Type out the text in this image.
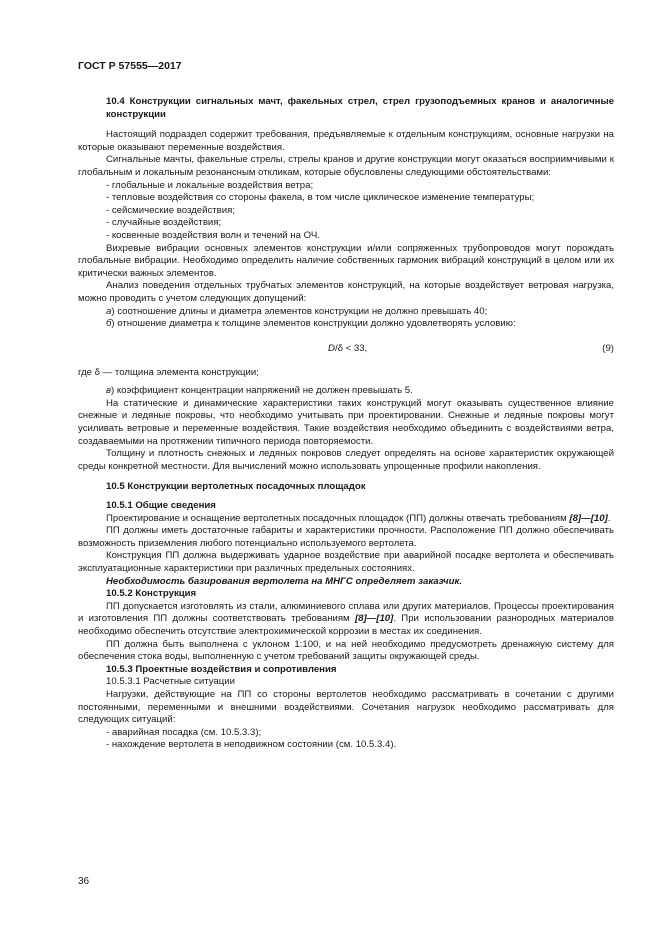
ГОСТ Р 57555—2017

10.4 Конструкции сигнальных мачт, факельных стрел, стрел грузоподъемных кранов и аналогичные конструкции

Настоящий подраздел содержит требования, предъявляемые к отдельным конструкциям, основные нагрузки на которые оказывают переменные воздействия.

Сигнальные мачты, факельные стрелы, стрелы кранов и другие конструкции могут оказаться восприимчивыми к глобальным и локальным резонансным откликам, которые обусловлены следующими обстоятельствами:

- глобальные и локальные воздействия ветра;

- тепловые воздействия со стороны факела, в том числе циклическое изменение температуры;

- сейсмические воздействия;

- случайные воздействия;

- косвенные воздействия волн и течений на ОЧ.

Вихревые вибрации основных элементов конструкции и/или сопряженных трубопроводов могут порождать глобальные вибрации. Необходимо определить наличие собственных гармоник вибраций конструкций в целом или их критически важных элементов.

Анализ поведения отдельных трубчатых элементов конструкций, на которые воздействует ветровая нагрузка, можно проводить с учетом следующих допущений:

а) соотношение длины и диаметра элементов конструкции не должно превышать 40;

б) отношение диаметра к толщине элементов конструкции должно удовлетворять условию:

D/δ < 33,	(9)

где δ — толщина элемента конструкции;

в) коэффициент концентрации напряжений не должен превышать 5.

На статические и динамические характеристики таких конструкций могут оказывать существенное влияние снежные и ледяные покровы, что необходимо учитывать при проектировании. Снежные и ледяные покровы могут усиливать ветровые и переменные воздействия. Такие воздействия необходимо объединить с воздействиями ветра, создаваемыми на протяжении типичного периода повторяемости.

Толщину и плотность снежных и ледяных покровов следует определять на основе характеристик окружающей среды конкретной местности. Для вычислений можно использовать упрощенные профили накопления.

10.5 Конструкции вертолетных посадочных площадок

10.5.1 Общие сведения

Проектирование и оснащение вертолетных посадочных площадок (ПП) должны отвечать требованиям [8]—[10].

ПП должны иметь достаточные габариты и характеристики прочности. Расположение ПП должно обеспечивать возможность приземления любого потенциально используемого вертолета.

Конструкция ПП должна выдерживать ударное воздействие при аварийной посадке вертолета и обеспечивать эксплуатационные характеристики при различных предельных состояниях.

Необходимость базирования вертолета на МНГС определяет заказчик.

10.5.2 Конструкция

ПП допускается изготовлять из стали, алюминиевого сплава или других материалов. Процессы проектирования и изготовления ПП должны соответствовать требованиям [8]—[10]. При использовании разнородных материалов необходимо обеспечить отсутствие электрохимической коррозии в местах их соединения.

ПП должна быть выполнена с уклоном 1:100, и на ней необходимо предусмотреть дренажную систему для обеспечения стока воды, выполненную с учетом требований защиты окружающей среды.

10.5.3 Проектные воздействия и сопротивления

10.5.3.1 Расчетные ситуации

Нагрузки, действующие на ПП со стороны вертолетов необходимо рассматривать в сочетании с другими постоянными, переменными и внешними воздействиями. Сочетания нагрузок необходимо рассматривать для следующих ситуаций:

- аварийная посадка (см. 10.5.3.3);

- нахождение вертолета в неподвижном состоянии (см. 10.5.3.4).

36
